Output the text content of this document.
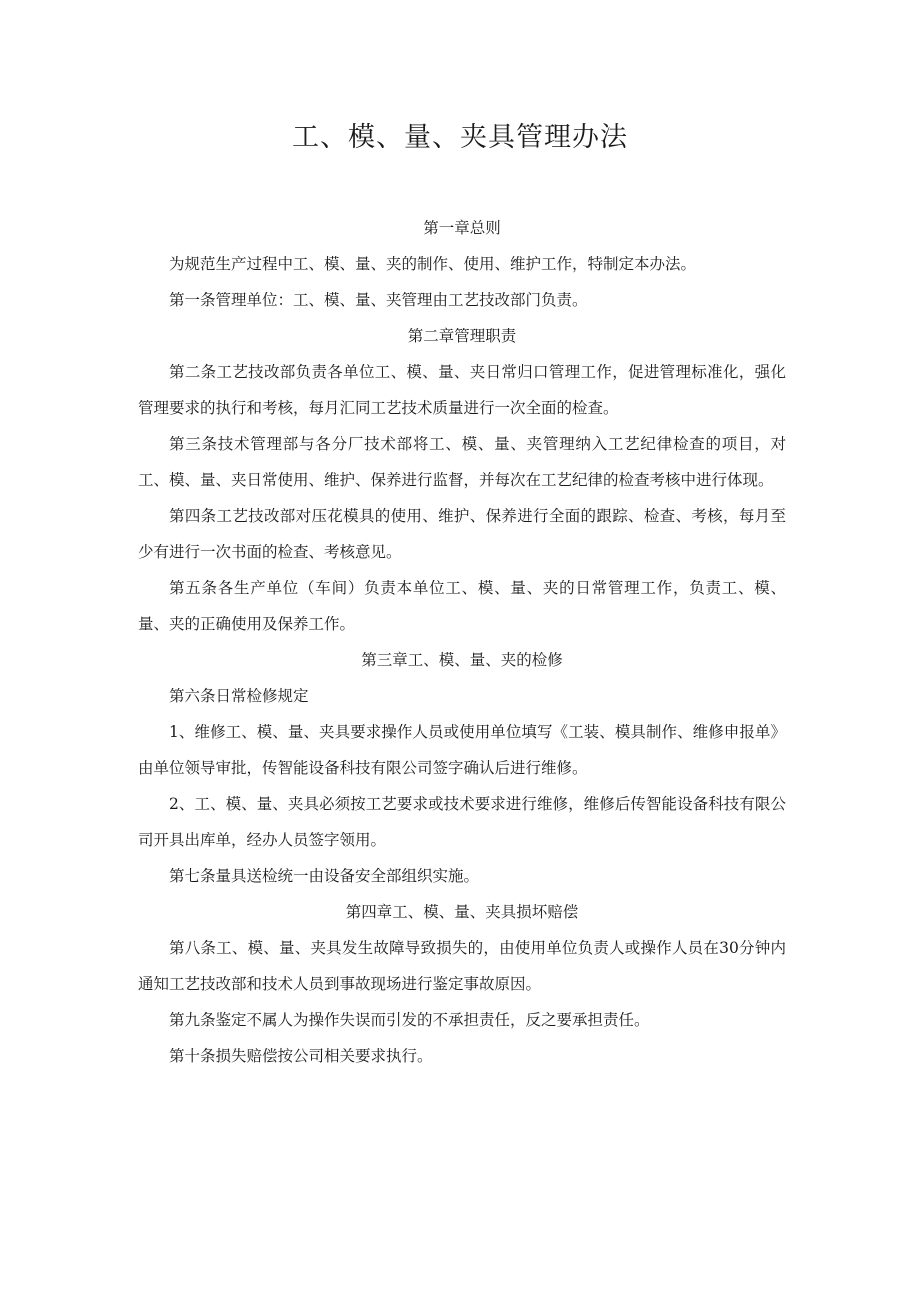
工、模、量、夹具管理办法

第一章总则

为规范生产过程中工、模、量、夹的制作、使用、维护工作，特制定本办法。

第一条管理单位：工、模、量、夹管理由工艺技改部门负责。

第二章管理职责

第二条工艺技改部负责各单位工、模、量、夹日常归口管理工作，促进管理标准化，强化管理要求的执行和考核，每月汇同工艺技术质量进行一次全面的检查。

第三条技术管理部与各分厂技术部将工、模、量、夹管理纳入工艺纪律检查的项目，对工、模、量、夹日常使用、维护、保养进行监督，并每次在工艺纪律的检查考核中进行体现。

第四条工艺技改部对压花模具的使用、维护、保养进行全面的跟踪、检查、考核，每月至少有进行一次书面的检查、考核意见。

第五条各生产单位（车间）负责本单位工、模、量、夹的日常管理工作，负责工、模、量、夹的正确使用及保养工作。

第三章工、模、量、夹的检修

第六条日常检修规定

1、维修工、模、量、夹具要求操作人员或使用单位填写《工装、模具制作、维修申报单》由单位领导审批，传智能设备科技有限公司签字确认后进行维修。

2、工、模、量、夹具必须按工艺要求或技术要求进行维修，维修后传智能设备科技有限公司开具出库单，经办人员签字领用。

第七条量具送检统一由设备安全部组织实施。

第四章工、模、量、夹具损坏赔偿

第八条工、模、量、夹具发生故障导致损失的，由使用单位负责人或操作人员在30分钟内通知工艺技改部和技术人员到事故现场进行鉴定事故原因。

第九条鉴定不属人为操作失误而引发的不承担责任，反之要承担责任。

第十条损失赔偿按公司相关要求执行。
